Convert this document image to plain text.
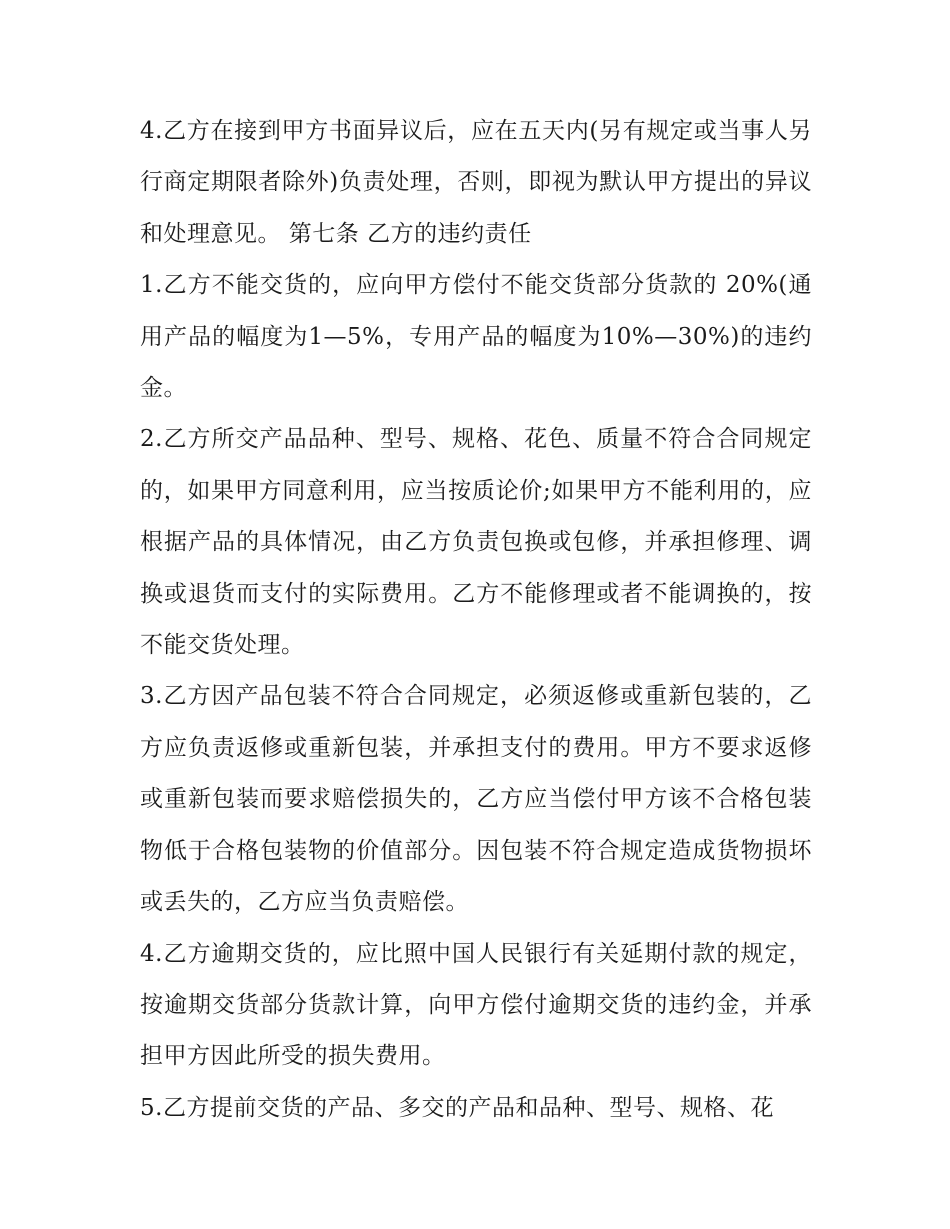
4.乙方在接到甲方书面异议后，应在五天内(另有规定或当事人另行商定期限者除外)负责处理，否则，即视为默认甲方提出的异议和处理意见。 第七条 乙方的违约责任

1.乙方不能交货的，应向甲方偿付不能交货部分货款的 20%(通用产品的幅度为1—5%，专用产品的幅度为10%—30%)的违约金。

2.乙方所交产品品种、型号、规格、花色、质量不符合合同规定的，如果甲方同意利用，应当按质论价;如果甲方不能利用的，应根据产品的具体情况，由乙方负责包换或包修，并承担修理、调换或退货而支付的实际费用。乙方不能修理或者不能调换的，按不能交货处理。

3.乙方因产品包装不符合合同规定，必须返修或重新包装的，乙方应负责返修或重新包装，并承担支付的费用。甲方不要求返修或重新包装而要求赔偿损失的，乙方应当偿付甲方该不合格包装物低于合格包装物的价值部分。因包装不符合规定造成货物损坏或丢失的，乙方应当负责赔偿。

4.乙方逾期交货的，应比照中国人民银行有关延期付款的规定，按逾期交货部分货款计算，向甲方偿付逾期交货的违约金，并承担甲方因此所受的损失费用。

5.乙方提前交货的产品、多交的产品和品种、型号、规格、花
